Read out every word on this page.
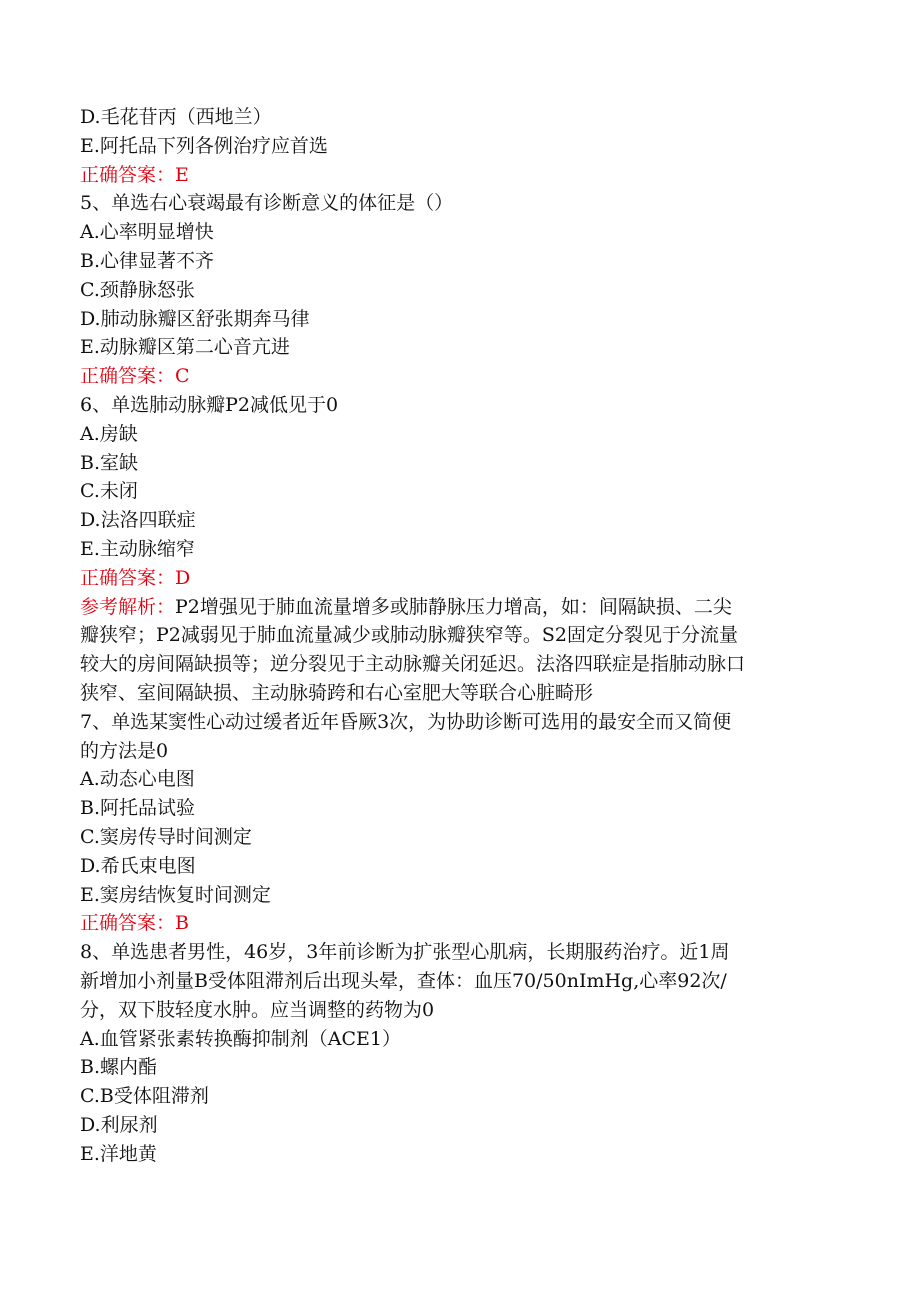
D.毛花苷丙（西地兰）
E.阿托品下列各例治疗应首选
正确答案：E
5、单选右心衰竭最有诊断意义的体征是（）
A.心率明显增快
B.心律显著不齐
C.颈静脉怒张
D.肺动脉瓣区舒张期奔马律
E.动脉瓣区第二心音亢进
正确答案：C
6、单选肺动脉瓣P2减低见于0
A.房缺
B.室缺
C.未闭
D.法洛四联症
E.主动脉缩窄
正确答案：D
参考解析：P2增强见于肺血流量增多或肺静脉压力增高，如：间隔缺损、二尖
瓣狭窄；P2减弱见于肺血流量减少或肺动脉瓣狭窄等。S2固定分裂见于分流量
较大的房间隔缺损等；逆分裂见于主动脉瓣关闭延迟。法洛四联症是指肺动脉口
狭窄、室间隔缺损、主动脉骑跨和右心室肥大等联合心脏畸形
7、单选某窦性心动过缓者近年昏厥3次，为协助诊断可选用的最安全而又简便
的方法是0
A.动态心电图
B.阿托品试验
C.窦房传导时间测定
D.希氏束电图
E.窦房结恢复时间测定
正确答案：B
8、单选患者男性，46岁，3年前诊断为扩张型心肌病，长期服药治疗。近1周
新增加小剂量B受体阻滞剂后出现头晕，查体：血压70/50nImHg,心率92次/
分，双下肢轻度水肿。应当调整的药物为0
A.血管紧张素转换酶抑制剂（ACE1）
B.螺内酯
C.B受体阻滞剂
D.利尿剂
E.洋地黄
